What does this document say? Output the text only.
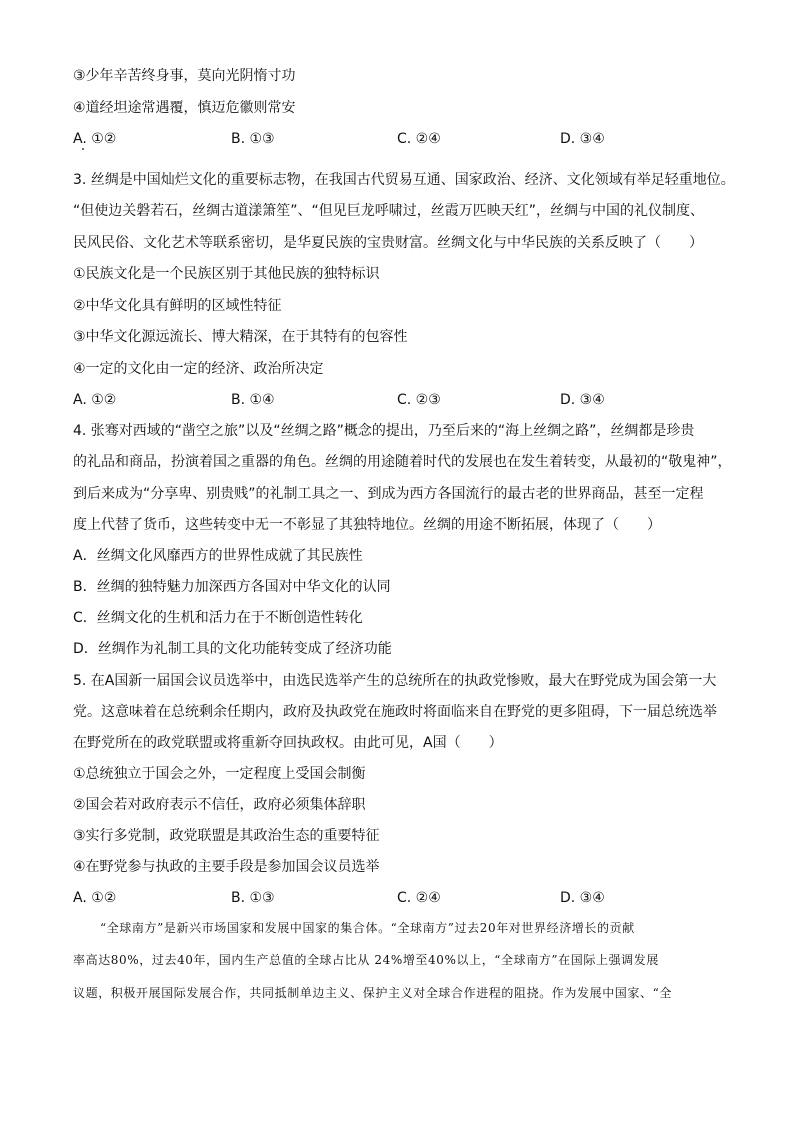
③少年辛苦终身事，莫向光阴惰寸功
④道经坦途常遇覆，慎迈危徽则常安
A. ①②	B. ①③	C. ②④	D. ③④
3. 丝绸是中国灿烂文化的重要标志物，在我国古代贸易互通、国家政治、经济、文化领域有举足轻重地位。
“但使边关磐若石，丝绸古道漾箫笙”、“但见巨龙呼啸过，丝霞万匹映天红”，丝绸与中国的礼仪制度、
民风民俗、文化艺术等联系密切，是华夏民族的宝贵财富。丝绸文化与中华民族的关系反映了（　　）
①民族文化是一个民族区别于其他民族的独特标识
②中华文化具有鲜明的区域性特征
③中华文化源远流长、博大精深，在于其特有的包容性
④一定的文化由一定的经济、政治所决定
A. ①②	B. ①④	C. ②③	D. ③④
4. 张骞对西域的“凿空之旅”以及“丝绸之路”概念的提出，乃至后来的“海上丝绸之路”，丝绸都是珍贵
的礼品和商品，扮演着国之重器的角色。丝绸的用途随着时代的发展也在发生着转变，从最初的“敬鬼神”，
到后来成为“分享卑、别贵贱”的礼制工具之一、到成为西方各国流行的最古老的世界商品，甚至一定程
度上代替了货币，这些转变中无一不彰显了其独特地位。丝绸的用途不断拓展，体现了（　　）
A．丝绸文化风靡西方的世界性成就了其民族性
B．丝绸的独特魅力加深西方各国对中华文化的认同
C．丝绸文化的生机和活力在于不断创造性转化
D．丝绸作为礼制工具的文化功能转变成了经济功能
5. 在A国新一届国会议员选举中，由选民选举产生的总统所在的执政党惨败，最大在野党成为国会第一大
党。这意味着在总统剩余任期内，政府及执政党在施政时将面临来自在野党的更多阻碍，下一届总统选举
在野党所在的政党联盟或将重新夺回执政权。由此可见，A国（　　）
①总统独立于国会之外，一定程度上受国会制衡
②国会若对政府表示不信任，政府必须集体辞职
③实行多党制，政党联盟是其政治生态的重要特征
④在野党参与执政的主要手段是参加国会议员选举
A. ①②	B. ①③	C. ②④	D. ③④
“全球南方”是新兴市场国家和发展中国家的集合体。“全球南方”过去20年对世界经济增长的贡献
率高达80%，过去40年，国内生产总值的全球占比从 24%增至40%以上，“全球南方”在国际上强调发展
议题，积极开展国际发展合作，共同抵制单边主义、保护主义对全球合作进程的阻挠。作为发展中国家、“全
